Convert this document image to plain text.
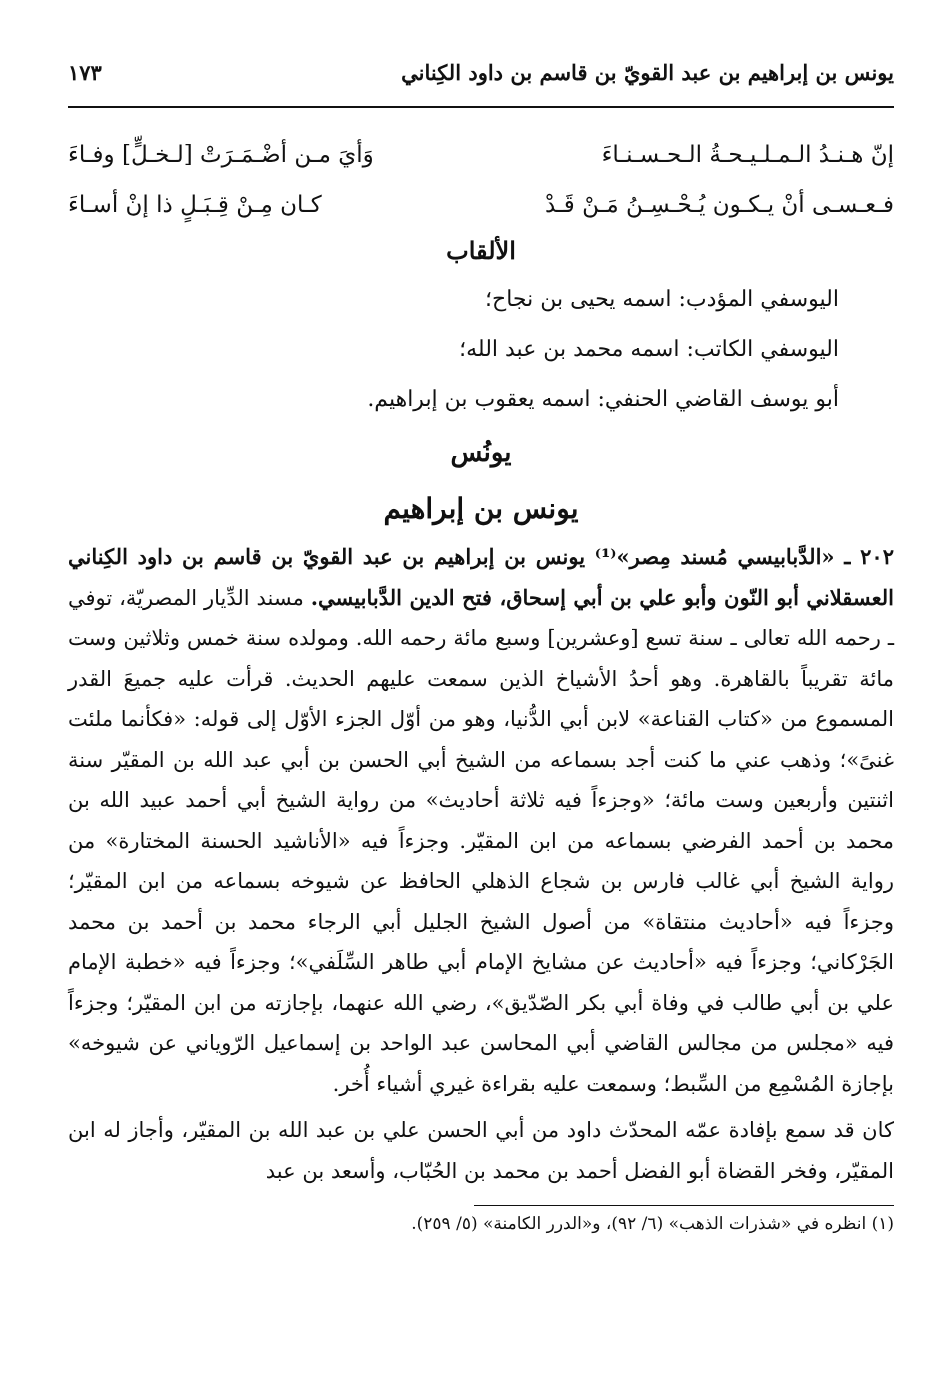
يونس بن إبراهيم بن عبد القويّ بن قاسم بن داود الكِناني
١٧٣
إنّ هـنـدُ الـمـلـيـحـةُ الـحـسـنـاءَ
وَأيَ مـن أضْـمَـرَتْ [لـخـلٍّ] وفـاءَ
فـعـسـى أنْ يـكـون يُـحْـسِـنُ مَـنْ قَـدْ
كـان مِـنْ قِـبَـلٍ ذا إنْ أسـاءَ
الألقاب
اليوسفي المؤدب: اسمه يحيى بن نجاح؛
اليوسفي الكاتب: اسمه محمد بن عبد الله؛
أبو يوسف القاضي الحنفي: اسمه يعقوب بن إبراهيم.
يونُس
يونس بن إبراهيم
٢٠٢ ـ «الدَّبابيسي مُسند مِصر»⁽¹⁾ يونس بن إبراهيم بن عبد القويّ بن قاسم بن داود الكِناني العسقلاني أبو النّون وأبو علي بن أبي إسحاق، فتح الدين الدَّبابيسي. مسند الدِّيار المصريّة، توفي ـ رحمه الله تعالى ـ سنة تسع [وعشرين] وسبع مائة رحمه الله. ومولده سنة خمس وثلاثين وست مائة تقريباً بالقاهرة. وهو أحدُ الأشياخ الذين سمعت عليهم الحديث. قرأت عليه جميعَ القدر المسموع من «كتاب القناعة» لابن أبي الدُّنيا، وهو من أوّل الجزء الأوّل إلى قوله: «فكأنما ملئت غنىً»؛ وذهب عني ما كنت أجد بسماعه من الشيخ أبي الحسن بن أبي عبد الله بن المقيّر سنة اثنتين وأربعين وست مائة؛ «وجزءاً فيه ثلاثة أحاديث» من رواية الشيخ أبي أحمد عبيد الله بن محمد بن أحمد الفرضي بسماعه من ابن المقيّر. وجزءاً فيه «الأناشيد الحسنة المختارة» من رواية الشيخ أبي غالب فارس بن شجاع الذهلي الحافظ عن شيوخه بسماعه من ابن المقيّر؛ وجزءاً فيه «أحاديث منتقاة» من أصول الشيخ الجليل أبي الرجاء محمد بن أحمد بن محمد الجَرْكاني؛ وجزءاً فيه «أحاديث عن مشايخ الإمام أبي طاهر السِّلَفي»؛ وجزءاً فيه «خطبة الإمام علي بن أبي طالب في وفاة أبي بكر الصّدّيق»، رضي الله عنهما، بإجازته من ابن المقيّر؛ وجزءاً فيه «مجلس من مجالس القاضي أبي المحاسن عبد الواحد بن إسماعيل الرّوياني عن شيوخه» بإجازة المُسْمِع من السِّبط؛ وسمعت عليه بقراءة غيري أشياء أُخر.
كان قد سمع بإفادة عمّه المحدّث داود من أبي الحسن علي بن عبد الله بن المقيّر، وأجاز له ابن المقيّر، وفخر القضاة أبو الفضل أحمد بن محمد بن الحُبّاب، وأسعد بن عبد
(١) انظره في «شذرات الذهب» (٦/ ٩٢)، و«الدرر الكامنة» (٥/ ٢٥٩).
